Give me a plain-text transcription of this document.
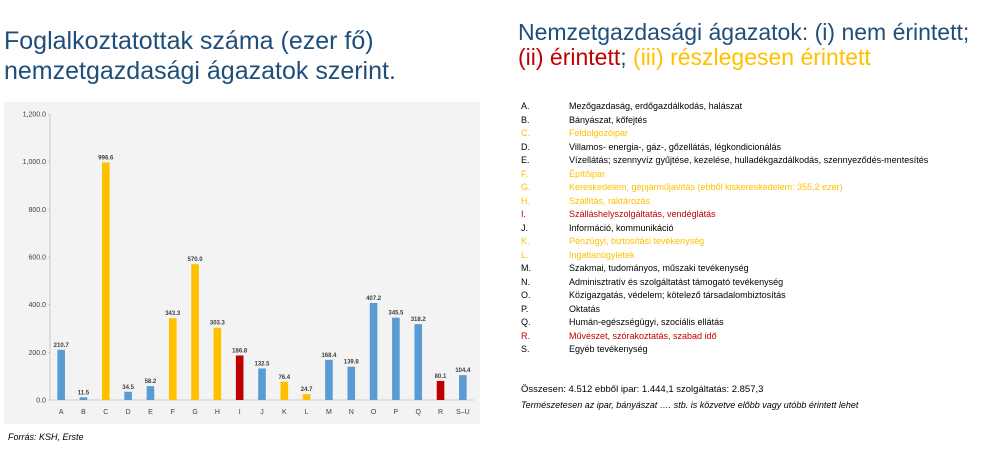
Foglalkoztatottak száma (ezer fő) nemzetgazdasági ágazatok szerint.
0.0
200.0
400.0
600.0
800.0
1,000.0
1,200.0
210.7
A
11.5
B
996.6
C
34.5
D
58.2
E
343.3
F
570.0
G
303.3
H
186.8
I
132.5
J
76.4
K
24.7
L
168.4
M
139.8
N
407.2
O
345.5
P
318.2
Q
80.1
R
104.4
S–U
Forrás: KSH, Erste
Nemzetgazdasági ágazatok: (i) nem érintett; (ii) érintett; (iii) részlegesen érintett
A.	Mezőgazdaság, erdőgazdálkodás, halászat
B.	Bányászat, kőfejtés
C.	Feldolgozóipar
D.	Villamos- energia-, gáz-, gőzellátás, légkondicionálás
E.	Vízellátás; szennyvíz gyűjtése, kezelése, hulladékgazdálkodás, szennyeződés-mentesítés
F.	Építőipar
G.	Kereskedelem, gépjárműjavítás (ebből kiskereskedelem: 355,2 ezer)
H.	Szállítás, raktározás
I.	Szálláshelyszolgáltatás, vendéglátás
J.	Információ, kommunikáció
K.	Pénzügyi, biztosítási tevékenység
L.	Ingatlanügyletek
M.	Szakmai, tudományos, műszaki tevékenység
N.	Adminisztratív és szolgáltatást támogató tevékenység
O.	Közigazgatás, védelem; kötelező társadalombiztosítás
P.	Oktatás
Q.	Humán-egészségügyi, szociális ellátás
R.	Művészet, szórakoztatás, szabad idő
S.	Egyéb tevékenység
Összesen: 4.512 ebből ipar: 1.444,1 szolgáltatás: 2.857,3
Természetesen az ipar, bányászat …. stb. is közvetve előbb vagy utóbb érintett lehet
